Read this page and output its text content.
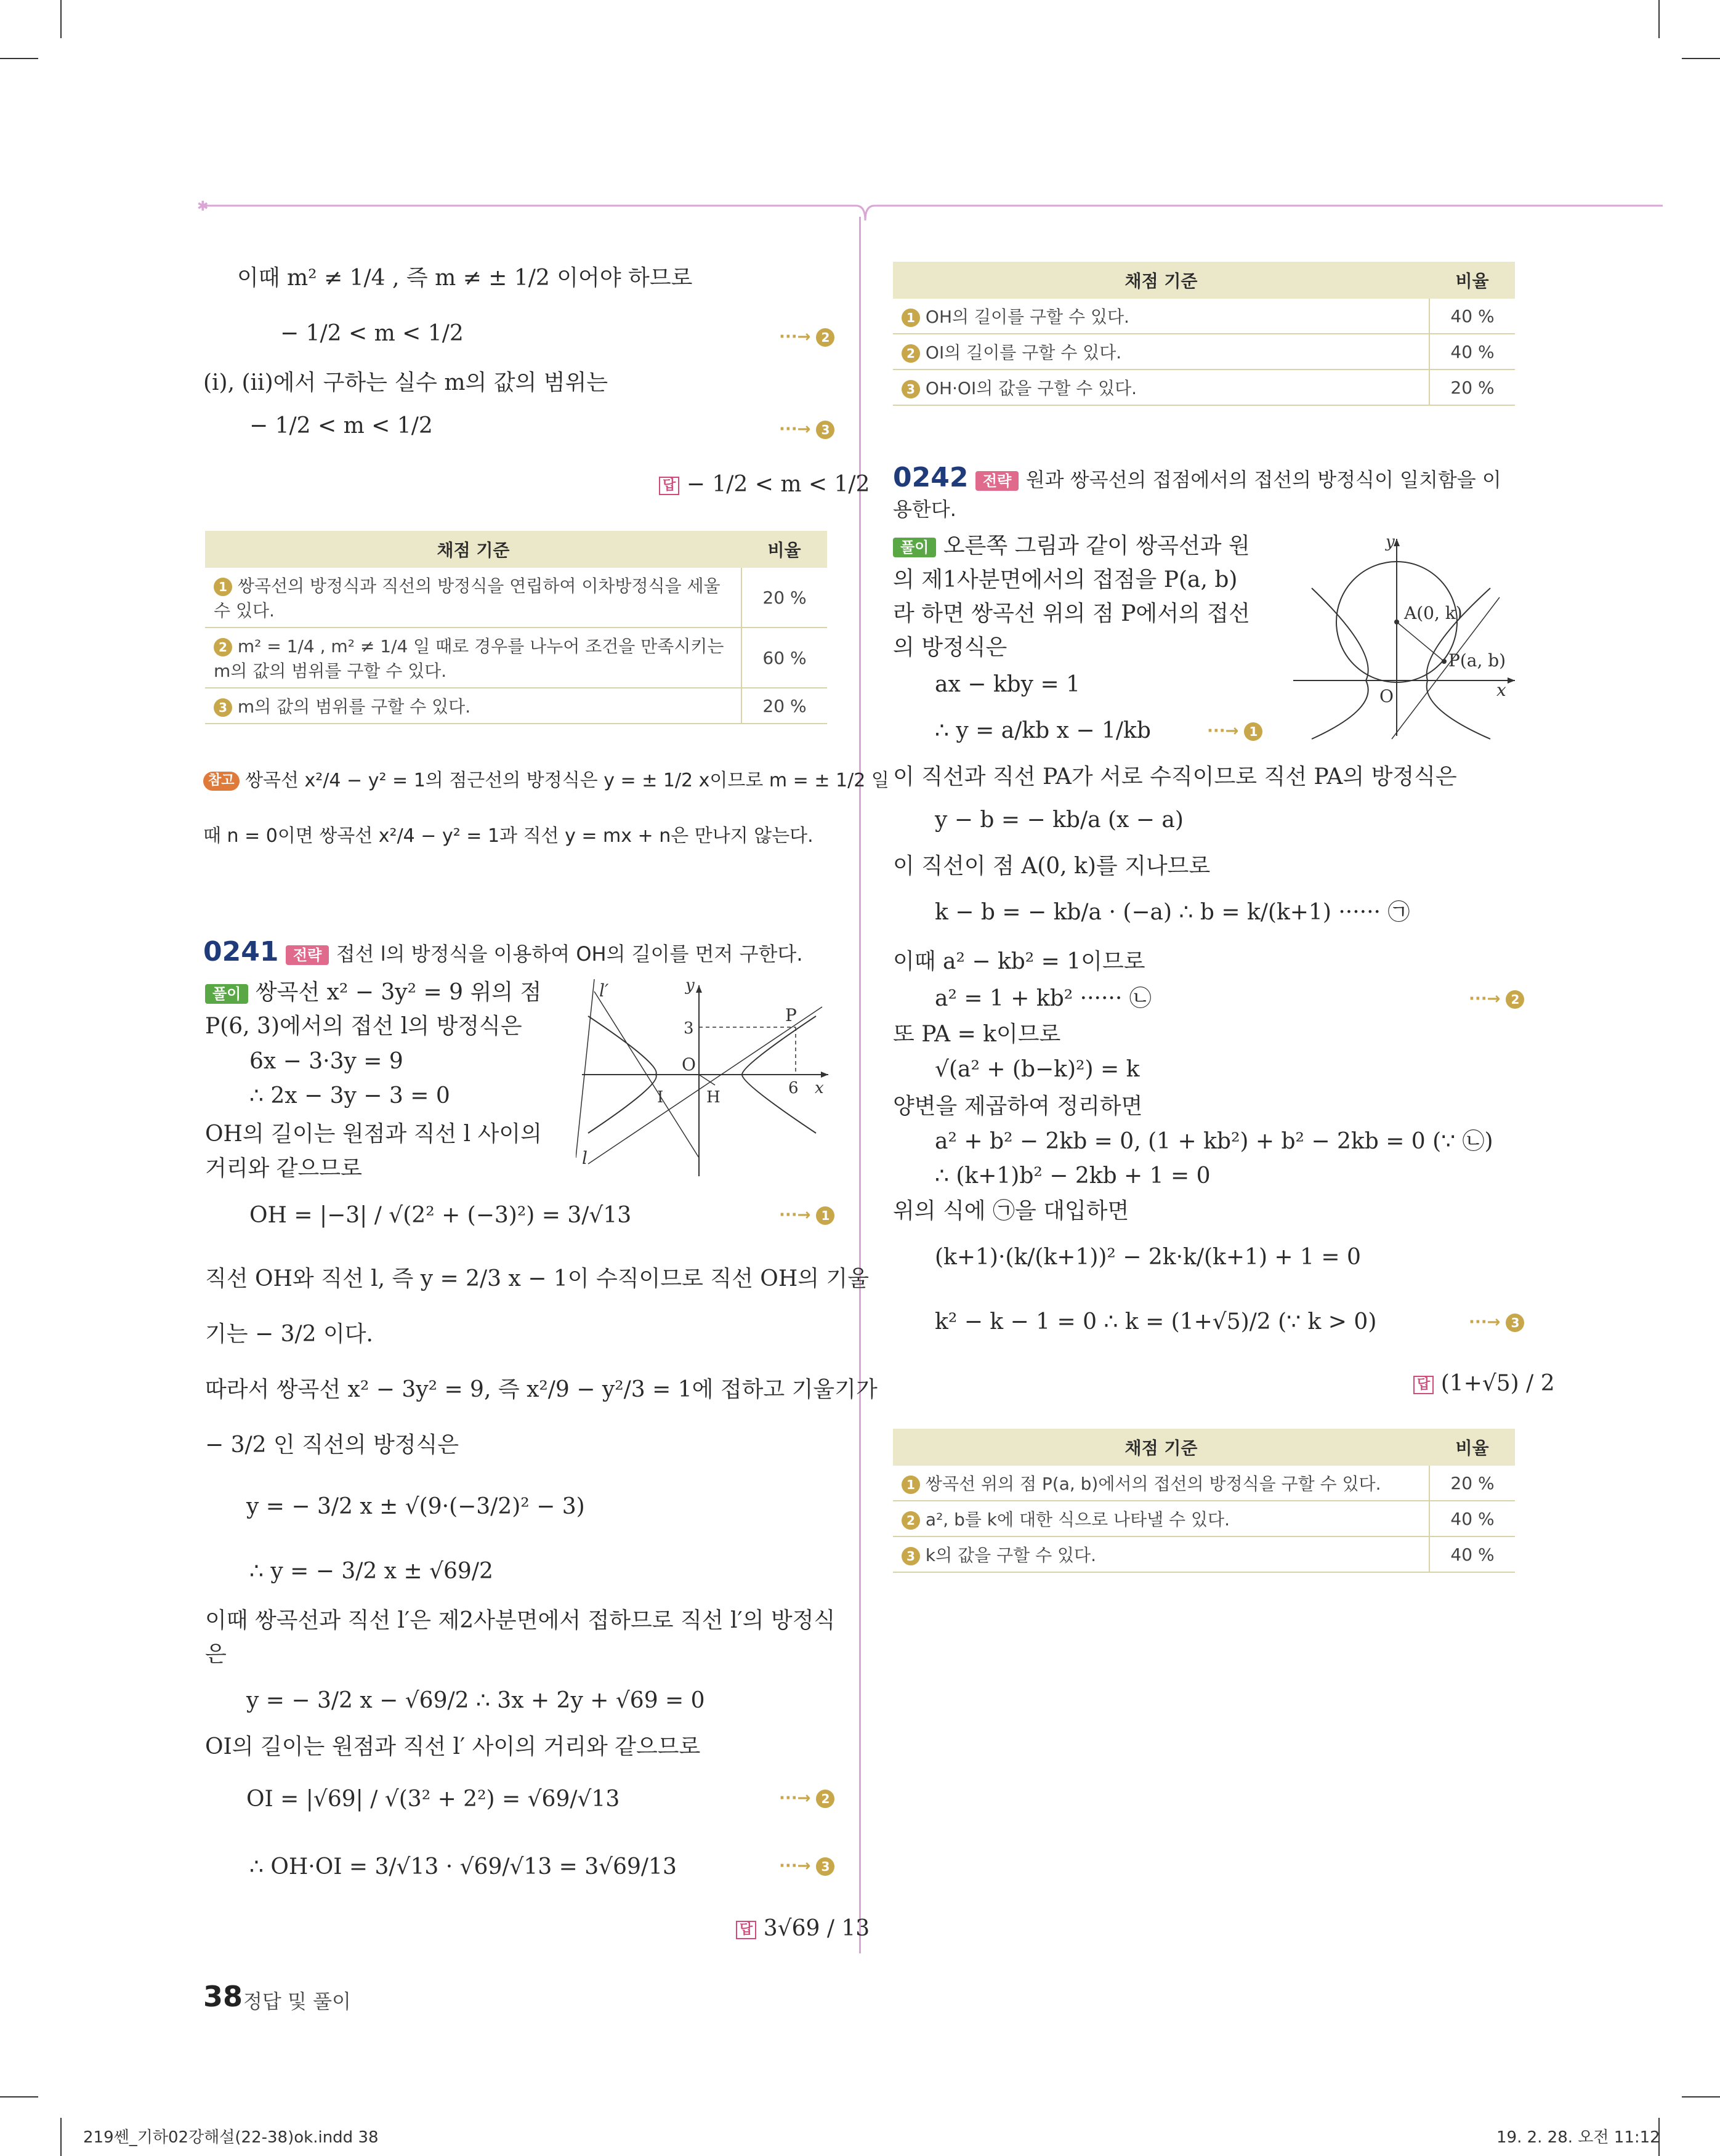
✱
이때 m² ≠ 1/4 , 즉 m ≠ ± 1/2 이어야 하므로
− 1/2 < m < 1/2	···→ 2
(i), (ii)에서 구하는 실수 m의 값의 범위는
− 1/2 < m < 1/2	···→ 3
답 − 1/2 < m < 1/2
채점 기준	비율
1 쌍곡선의 방정식과 직선의 방정식을 연립하여 이차방정식을 세울 수 있다.	20 %
2 m² = 1/4 , m² ≠ 1/4 일 때로 경우를 나누어 조건을 만족시키는 m의 값의 범위를 구할 수 있다.	60 %
3 m의 값의 범위를 구할 수 있다.	20 %
참고 쌍곡선 x²/4 − y² = 1의 점근선의 방정식은 y = ± 1/2 x이므로 m = ± 1/2 일
때 n = 0이면 쌍곡선 x²/4 − y² = 1과 직선 y = mx + n은 만나지 않는다.
0241 전략 접선 l의 방정식을 이용하여 OH의 길이를 먼저 구한다.
풀이 쌍곡선 x² − 3y² = 9 위의 점
P(6, 3)에서의 접선 l의 방정식은
6x − 3·3y = 9
∴ 2x − 3y − 3 = 0
OH의 길이는 원점과 직선 l 사이의
거리와 같으므로
OH = |−3| / √(2² + (−3)²) = 3/√13	···→ 1
직선 OH와 직선 l, 즉 y = 2/3 x − 1이 수직이므로 직선 OH의 기울
기는 − 3/2 이다.
따라서 쌍곡선 x² − 3y² = 9, 즉 x²/9 − y²/3 = 1에 접하고 기울기가
− 3/2 인 직선의 방정식은
y = − 3/2 x ± √(9·(−3/2)² − 3)
∴ y = − 3/2 x ± √69/2
이때 쌍곡선과 직선 l′은 제2사분면에서 접하므로 직선 l′의 방정식
은
y = − 3/2 x − √69/2 ∴ 3x + 2y + √69 = 0
OI의 길이는 원점과 직선 l′ 사이의 거리와 같으므로
OI = |√69| / √(3² + 2²) = √69/√13	···→ 2
∴ OH·OI = 3/√13 · √69/√13 = 3√69/13	···→ 3
답 3√69 / 13
l′	y
3
P
O
I	H	6 x
l
채점 기준	비율
1 OH의 길이를 구할 수 있다.	40 %
2 OI의 길이를 구할 수 있다.	40 %
3 OH·OI의 값을 구할 수 있다.	20 %
0242 전략 원과 쌍곡선의 접점에서의 접선의 방정식이 일치함을 이
용한다.
풀이 오른쪽 그림과 같이 쌍곡선과 원
의 제1사분면에서의 접점을 P(a, b)
라 하면 쌍곡선 위의 점 P에서의 접선
의 방정식은
ax − kby = 1
∴ y = a/kb x − 1/kb	···→ 1
이 직선과 직선 PA가 서로 수직이므로 직선 PA의 방정식은
y − b = − kb/a (x − a)
이 직선이 점 A(0, k)를 지나므로
k − b = − kb/a · (−a) ∴ b = k/(k+1) ······ ㉠
이때 a² − kb² = 1이므로
a² = 1 + kb² ······ ㉡	···→ 2
또 PA = k이므로
√(a² + (b−k)²) = k
양변을 제곱하여 정리하면
a² + b² − 2kb = 0, (1 + kb²) + b² − 2kb = 0 (∵ ㉡)
∴ (k+1)b² − 2kb + 1 = 0
위의 식에 ㉠을 대입하면
(k+1)·(k/(k+1))² − 2k·k/(k+1) + 1 = 0
k² − k − 1 = 0 ∴ k = (1+√5)/2 (∵ k > 0)	···→ 3
답 (1+√5) / 2
y
A(0, k)
P(a, b)
O	x
채점 기준	비율
1 쌍곡선 위의 점 P(a, b)에서의 접선의 방정식을 구할 수 있다.	20 %
2 a², b를 k에 대한 식으로 나타낼 수 있다.	40 %
3 k의 값을 구할 수 있다.	40 %
38 정답 및 풀이
219쎈_기하02강해설(22-38)ok.indd 38	19. 2. 28. 오전 11:12
